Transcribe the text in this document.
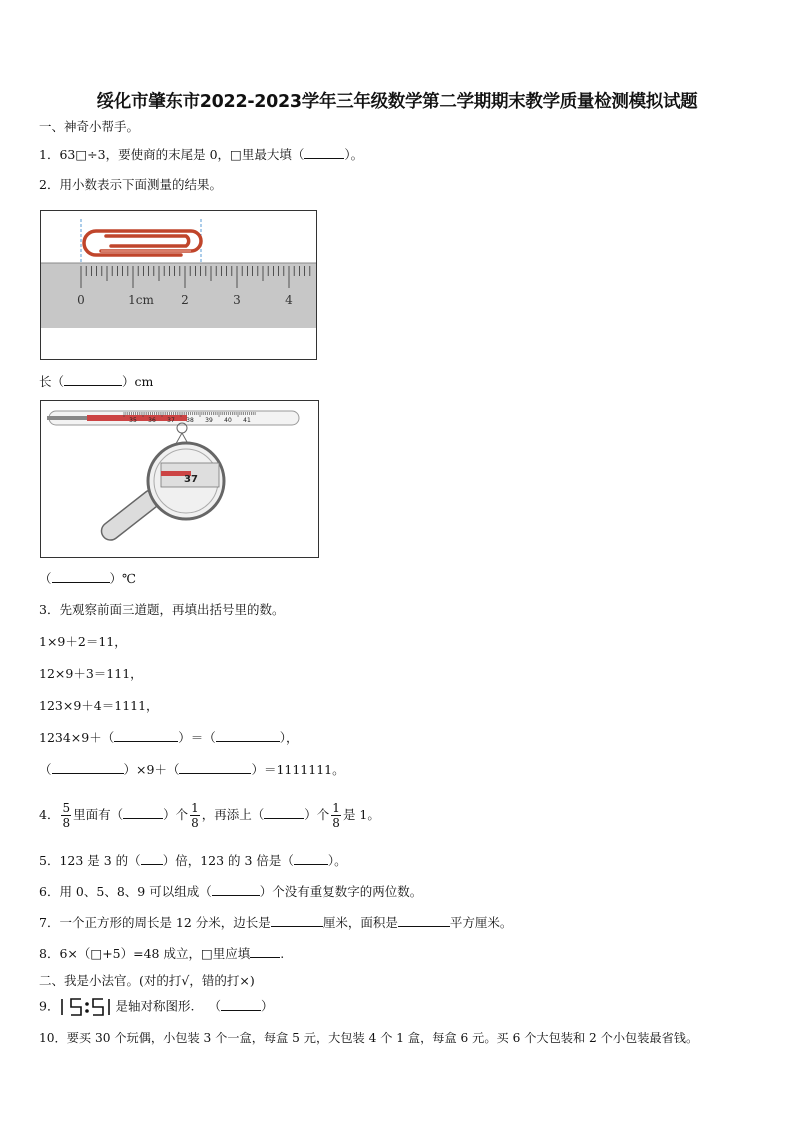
绥化市肇东市2022-2023学年三年级数学第二学期期末教学质量检测模拟试题
一、神奇小帮手。
1．63□÷3，要使商的末尾是 0，□里最大填（	）。
2．用小数表示下面测量的结果。
0	1cm 2	3	4
长（	）cm
35 36 37 38 39 40 41
37
（	）℃
3．先观察前面三道题，再填出括号里的数。
1×9＋2＝11，
12×9＋3＝111，
123×9＋4＝1111，
1234×9＋（	）＝（	），
（	）×9＋（	）＝1111111。
4． $\frac{5}{8}$ 里面有（	）个 $\frac{1}{8}$ ，再添上（	）个 $\frac{1}{8}$ 是 1。
5．123 是 3 的（ ）倍，123 的 3 倍是（	）。
6．用 0、5、8、9 可以组成（	）个没有重复数字的两位数。
7．一个正方形的周长是 12 分米，边长是	厘米，面积是	平方厘米。
8．6×（□+5）=48 成立，□里应填 .
二、我是小法官。(对的打√，错的打×)
9．	是轴对称图形. （	）
10．要买 30 个玩偶，小包装 3 个一盒，每盒 5 元，大包装 4 个 1 盒，每盒 6 元。买 6 个大包装和 2 个小包装最省钱。
